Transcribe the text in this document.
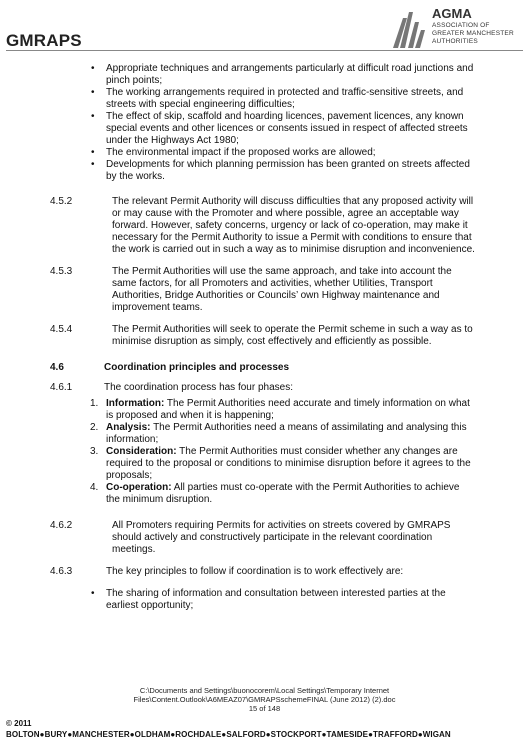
GMRAPS
AGMA
ASSOCIATION OF
GREATER MANCHESTER
AUTHORITIES
• Appropriate techniques and arrangements particularly at difficult road junctions and pinch points;
• The working arrangements required in protected and traffic-sensitive streets, and streets with special engineering difficulties;
• The effect of skip, scaffold and hoarding licences, pavement licences, any known special events and other licences or consents issued in respect of affected streets under the Highways Act 1980;
• The environmental impact if the proposed works are allowed;
• Developments for which planning permission has been granted on streets affected by the works.
4.5.2	The relevant Permit Authority will discuss difficulties that any proposed activity will or may cause with the Promoter and where possible, agree an acceptable way forward. However, safety concerns, urgency or lack of co-operation, may make it necessary for the Permit Authority to issue a Permit with conditions to ensure that the work is carried out in such a way as to minimise disruption and inconvenience.
4.5.3	The Permit Authorities will use the same approach, and take into account the same factors, for all Promoters and activities, whether Utilities, Transport Authorities, Bridge Authorities or Councils’ own Highway maintenance and improvement teams.
4.5.4	The Permit Authorities will seek to operate the Permit scheme in such a way as to minimise disruption as simply, cost effectively and efficiently as possible.
4.6	Coordination principles and processes
4.6.1	The coordination process has four phases:
1. Information: The Permit Authorities need accurate and timely information on what is proposed and when it is happening;
2. Analysis: The Permit Authorities need a means of assimilating and analysing this information;
3. Consideration: The Permit Authorities must consider whether any changes are required to the proposal or conditions to minimise disruption before it agrees to the proposals;
4. Co-operation: All parties must co-operate with the Permit Authorities to achieve the minimum disruption.
4.6.2	All Promoters requiring Permits for activities on streets covered by GMRAPS should actively and constructively participate in the relevant coordination meetings.
4.6.3	The key principles to follow if coordination is to work effectively are:
• The sharing of information and consultation between interested parties at the earliest opportunity;
C:\Documents and Settings\buonocorem\Local Settings\Temporary Internet
Files\Content.Outlook\A6MEAZ07\GMRAPSschemeFINAL (June 2012) (2).doc
15 of 148
© 2011
BOLTON●BURY●MANCHESTER●OLDHAM●ROCHDALE●SALFORD●STOCKPORT●TAMESIDE●TRAFFORD●WIGAN
